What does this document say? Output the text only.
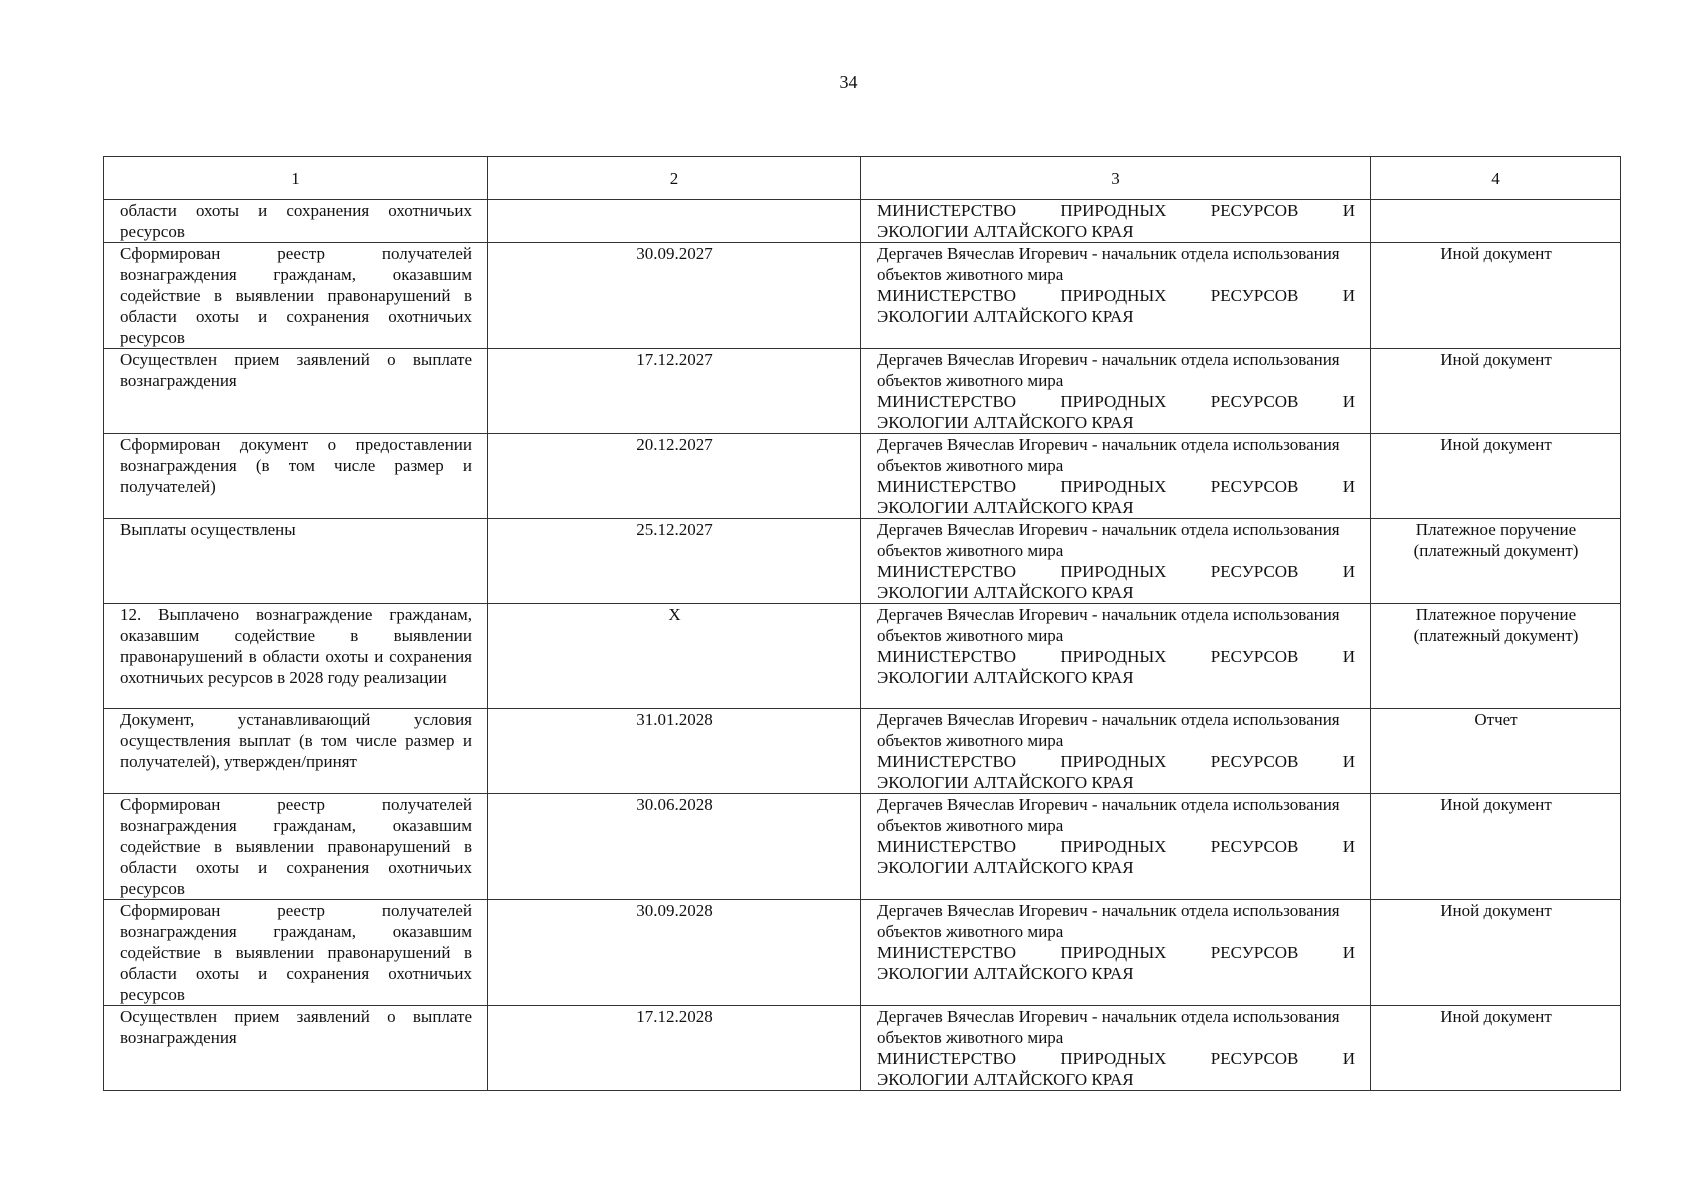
34
1	2	3	4
области охоты и сохранения охотничьих ресурсов		МИНИСТЕРСТВО ПРИРОДНЫХ РЕСУРСОВ И
ЭКОЛОГИИ АЛТАЙСКОГО КРАЯ	

Сформирован реестр получателей вознаграждения гражданам, оказавшим содействие в выявлении правонарушений в области охоты и сохранения охотничьих ресурсов	30.09.2027	Дергачев Вячеслав Игоревич - начальник отдела использования объектов животного мира
МИНИСТЕРСТВО ПРИРОДНЫХ РЕСУРСОВ И
ЭКОЛОГИИ АЛТАЙСКОГО КРАЯ	Иной документ
Осуществлен прием заявлений о выплате вознаграждения	17.12.2027	Дергачев Вячеслав Игоревич - начальник отдела использования объектов животного мира
МИНИСТЕРСТВО ПРИРОДНЫХ РЕСУРСОВ И
ЭКОЛОГИИ АЛТАЙСКОГО КРАЯ	Иной документ
Сформирован документ о предоставлении вознаграждения (в том числе размер и получателей)	20.12.2027	Дергачев Вячеслав Игоревич - начальник отдела использования объектов животного мира
МИНИСТЕРСТВО ПРИРОДНЫХ РЕСУРСОВ И
ЭКОЛОГИИ АЛТАЙСКОГО КРАЯ	Иной документ
Выплаты осуществлены	25.12.2027	Дергачев Вячеслав Игоревич - начальник отдела использования объектов животного мира
МИНИСТЕРСТВО ПРИРОДНЫХ РЕСУРСОВ И
ЭКОЛОГИИ АЛТАЙСКОГО КРАЯ	Платежное поручение (платежный документ)
12. Выплачено вознаграждение гражданам, оказавшим содействие в выявлении правонарушений в области охоты и сохранения охотничьих ресурсов в 2028 году реализации	X	Дергачев Вячеслав Игоревич - начальник отдела использования объектов животного мира
МИНИСТЕРСТВО ПРИРОДНЫХ РЕСУРСОВ И
ЭКОЛОГИИ АЛТАЙСКОГО КРАЯ	Платежное поручение (платежный документ)
Документ, устанавливающий условия осуществления выплат (в том числе размер и получателей), утвержден/принят	31.01.2028	Дергачев Вячеслав Игоревич - начальник отдела использования объектов животного мира
МИНИСТЕРСТВО ПРИРОДНЫХ РЕСУРСОВ И
ЭКОЛОГИИ АЛТАЙСКОГО КРАЯ	Отчет
Сформирован реестр получателей вознаграждения гражданам, оказавшим содействие в выявлении правонарушений в области охоты и сохранения охотничьих ресурсов	30.06.2028	Дергачев Вячеслав Игоревич - начальник отдела использования объектов животного мира
МИНИСТЕРСТВО ПРИРОДНЫХ РЕСУРСОВ И
ЭКОЛОГИИ АЛТАЙСКОГО КРАЯ	Иной документ
Сформирован реестр получателей вознаграждения гражданам, оказавшим содействие в выявлении правонарушений в области охоты и сохранения охотничьих ресурсов	30.09.2028	Дергачев Вячеслав Игоревич - начальник отдела использования объектов животного мира
МИНИСТЕРСТВО ПРИРОДНЫХ РЕСУРСОВ И
ЭКОЛОГИИ АЛТАЙСКОГО КРАЯ	Иной документ
Осуществлен прием заявлений о выплате вознаграждения	17.12.2028	Дергачев Вячеслав Игоревич - начальник отдела использования объектов животного мира
МИНИСТЕРСТВО ПРИРОДНЫХ РЕСУРСОВ И
ЭКОЛОГИИ АЛТАЙСКОГО КРАЯ	Иной документ
